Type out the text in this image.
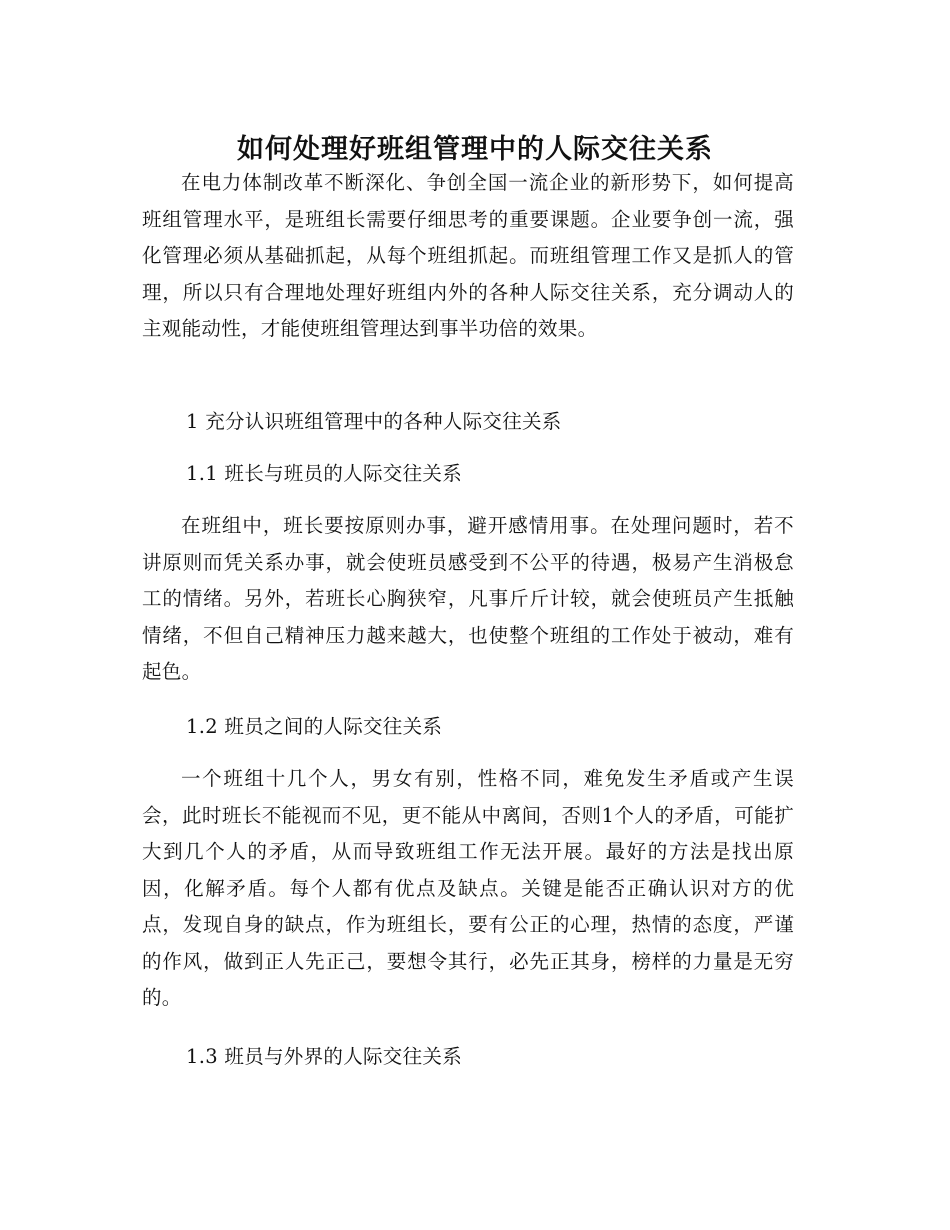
如何处理好班组管理中的人际交往关系

在电力体制改革不断深化、争创全国一流企业的新形势下，如何提高班组管理水平，是班组长需要仔细思考的重要课题。企业要争创一流，强化管理必须从基础抓起，从每个班组抓起。而班组管理工作又是抓人的管理，所以只有合理地处理好班组内外的各种人际交往关系，充分调动人的主观能动性，才能使班组管理达到事半功倍的效果。

1 充分认识班组管理中的各种人际交往关系

1.1 班长与班员的人际交往关系

在班组中，班长要按原则办事，避开感情用事。在处理问题时，若不讲原则而凭关系办事，就会使班员感受到不公平的待遇，极易产生消极怠工的情绪。另外，若班长心胸狭窄，凡事斤斤计较，就会使班员产生抵触情绪，不但自己精神压力越来越大，也使整个班组的工作处于被动，难有起色。

1.2 班员之间的人际交往关系

一个班组十几个人，男女有别，性格不同，难免发生矛盾或产生误会，此时班长不能视而不见，更不能从中离间，否则1个人的矛盾，可能扩大到几个人的矛盾，从而导致班组工作无法开展。最好的方法是找出原因，化解矛盾。每个人都有优点及缺点。关键是能否正确认识对方的优点，发现自身的缺点，作为班组长，要有公正的心理，热情的态度，严谨的作风，做到正人先正己，要想令其行，必先正其身，榜样的力量是无穷的。

1.3 班员与外界的人际交往关系
